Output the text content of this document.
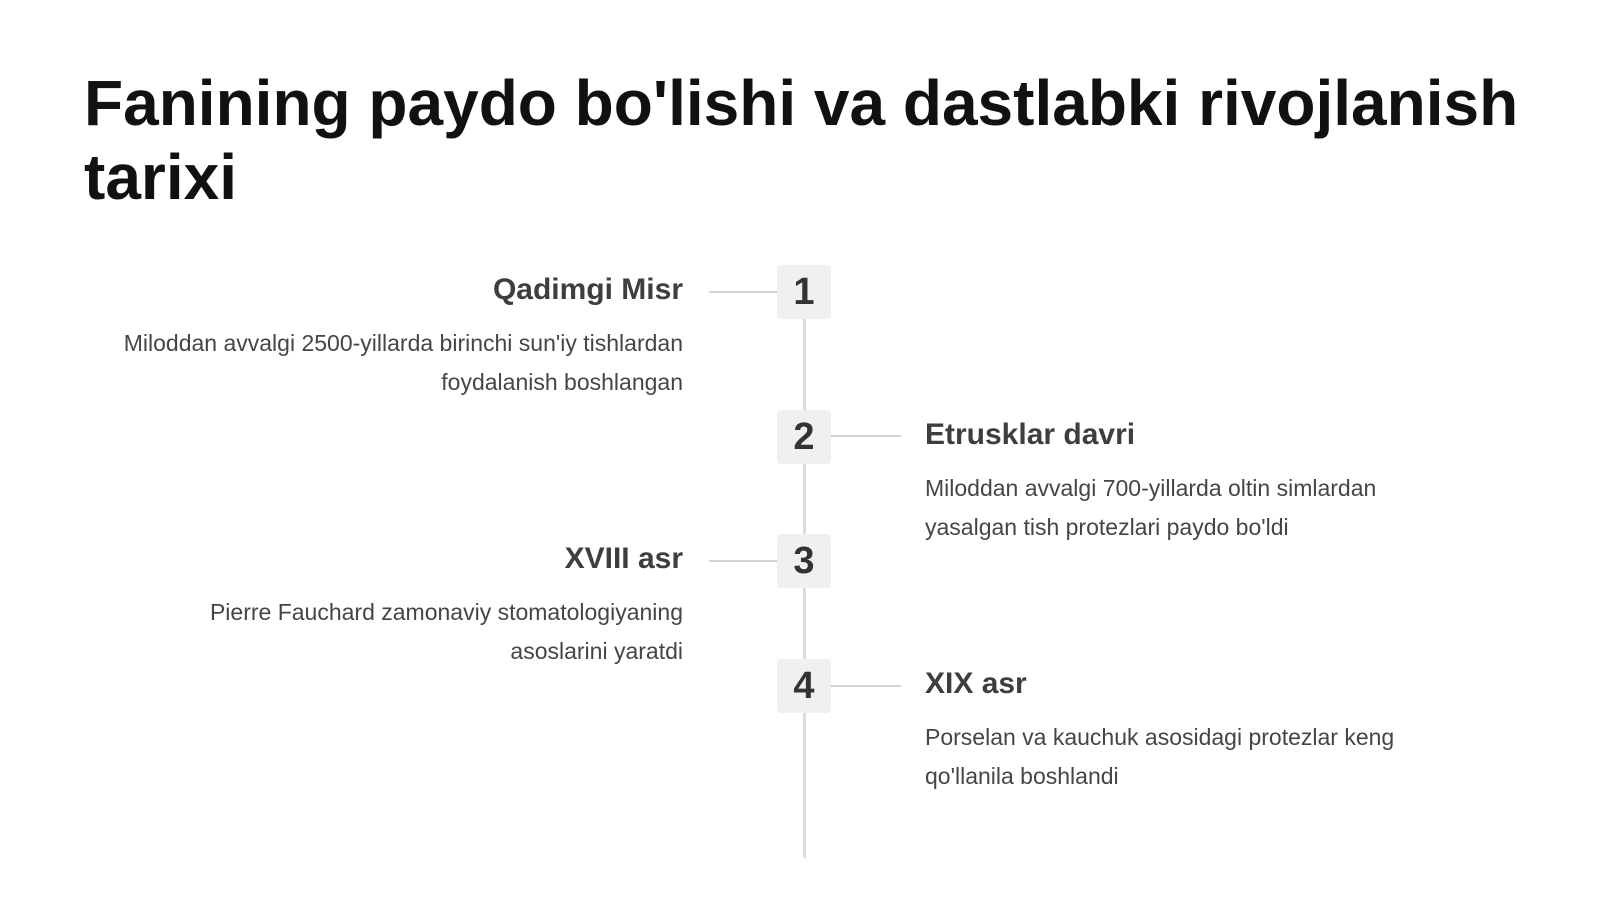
Fanining paydo bo'lishi va dastlabki rivojlanish tarixi
1
Qadimgi Misr
Miloddan avvalgi 2500-yillarda birinchi sun'iy tishlardan foydalanish boshlangan
2	Etrusklar davri
Miloddan avvalgi 700-yillarda oltin simlardan yasalgan tish protezlari paydo bo'ldi
3
XVIII asr
Pierre Fauchard zamonaviy stomatologiyaning asoslarini yaratdi
4	XIX asr
Porselan va kauchuk asosidagi protezlar keng qo'llanila boshlandi
